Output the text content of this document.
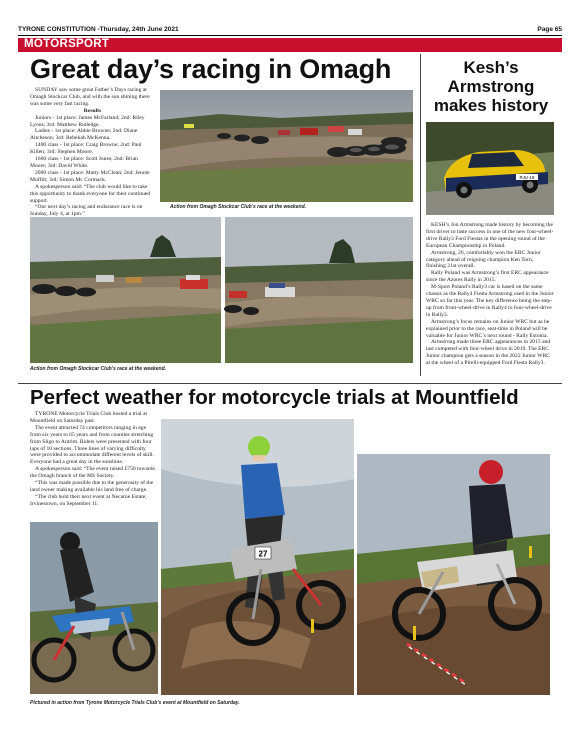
TYRONE CONSTITUTION -Thursday, 24th June 2021	Page 65
MOTORSPORT
Great day’s racing in Omagh

SUNDAY saw some great Father’s Days racing at Omagh Stockcar Club, and with the sun shining there was some very fast racing.

Results

Juniors - 1st place: James McFarland; 2nd: Riley Lyons; 3rd: Matthew Rutledge.

Ladies - 1st place: Abbie Browne; 2nd: Diane Aitcheson; 3rd: Rebekah McKenna.

1400 class - 1st place: Craig Browne; 2nd: Paul Killen; 3rd: Stephen Moore.

1600 class - 1st place: Scott Jones; 2nd: Brian Moore; 3rd: David White.

2000 class - 1st place: Matty McClean; 2nd: Jennie Moffitt; 3rd: Simon Mc Cormack.

A spokesperson said: “The club would like to take this opportunity to thank everyone for their continued support.

“Our next day’s racing and endurance race is on Sunday, July 4, at 1pm.”

Action from Omagh Stockcar Club’s race at the weekend.
Action from Omagh Stockcar Club’s race at the weekend.
Kesh’s Armstrong makes history
RJU-19

KESH’s Jon Armstrong made history by becoming the first driver to taste success in one of the new four-wheel-drive Rally3 Ford Fiestas in the opening round of the European Championship in Poland.

Armstrong, 26, comfortably won the ERC Junior category ahead of reigning champion Ken Torn, finishing 21st overall.

Rally Poland was Armstrong’s first ERC appearance since the Azores Rally in 2015.

M-Sport Poland’s Rally3 car is based on the same chassis as the Rally4 Fiesta Armstrong used in the Junior WRC so far this year. The key difference being the step-up from front-wheel-drive in Rally4 to four-wheel-drive in Rally3.

Armstrong’s focus remains on Junior WRC but as he explained prior to the race, seat-time in Poland will be valuable for Junior WRC’s next round - Rally Estonia.

Armstrong made three ERC appearances in 2015 and last competed with four-wheel drive in 2019. The ERC Junior champion gets a season in the 2022 Junior WRC at the wheel of a Pirelli-equipped Ford Fiesta Rally3.

Perfect weather for motorcycle trials at Mountfield

TYRONE Motorcycle Trials Club hosted a trial at Mountfield on Saturday past.

The event attracted 74 competitors ranging in age from six years to 65 years and from counties stretching from Sligo to Antrim. Riders were presented with four laps of 10 sections. Three lines of varying difficulty were provided to accommodate different levels of skill. Everyone had a great day in the sunshine.

A spokesperson said: “The event raised £750 towards the Omagh branch of the MS Society.

“This was made possible due to the generosity of the land owner making available his land free of charge.

“The club hold their next event at Necarne Estate, Irvinestown, on September 11.

27
Pictured in action from Tyrone Motorcycle Trials Club’s event at Mountfield on Saturday.
